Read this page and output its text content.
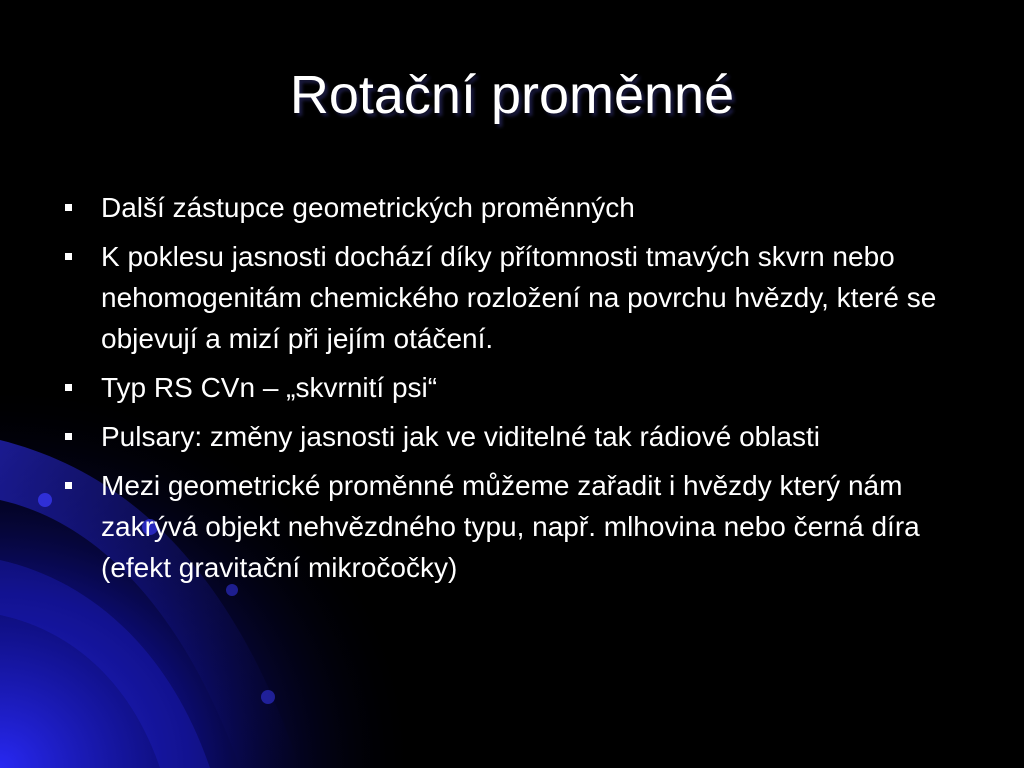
Rotační proměnné
Další zástupce geometrických proměnných
K poklesu jasnosti dochází díky přítomnosti tmavých skvrn nebo nehomogenitám chemického rozložení na povrchu hvězdy, které se objevují a mizí při jejím otáčení.
Typ RS CVn – „skvrnití psi“
Pulsary: změny jasnosti jak ve viditelné tak rádiové oblasti
Mezi geometrické proměnné můžeme zařadit i hvězdy který nám zakrývá objekt nehvězdného typu, např. mlhovina nebo černá díra (efekt gravitační mikročočky)
